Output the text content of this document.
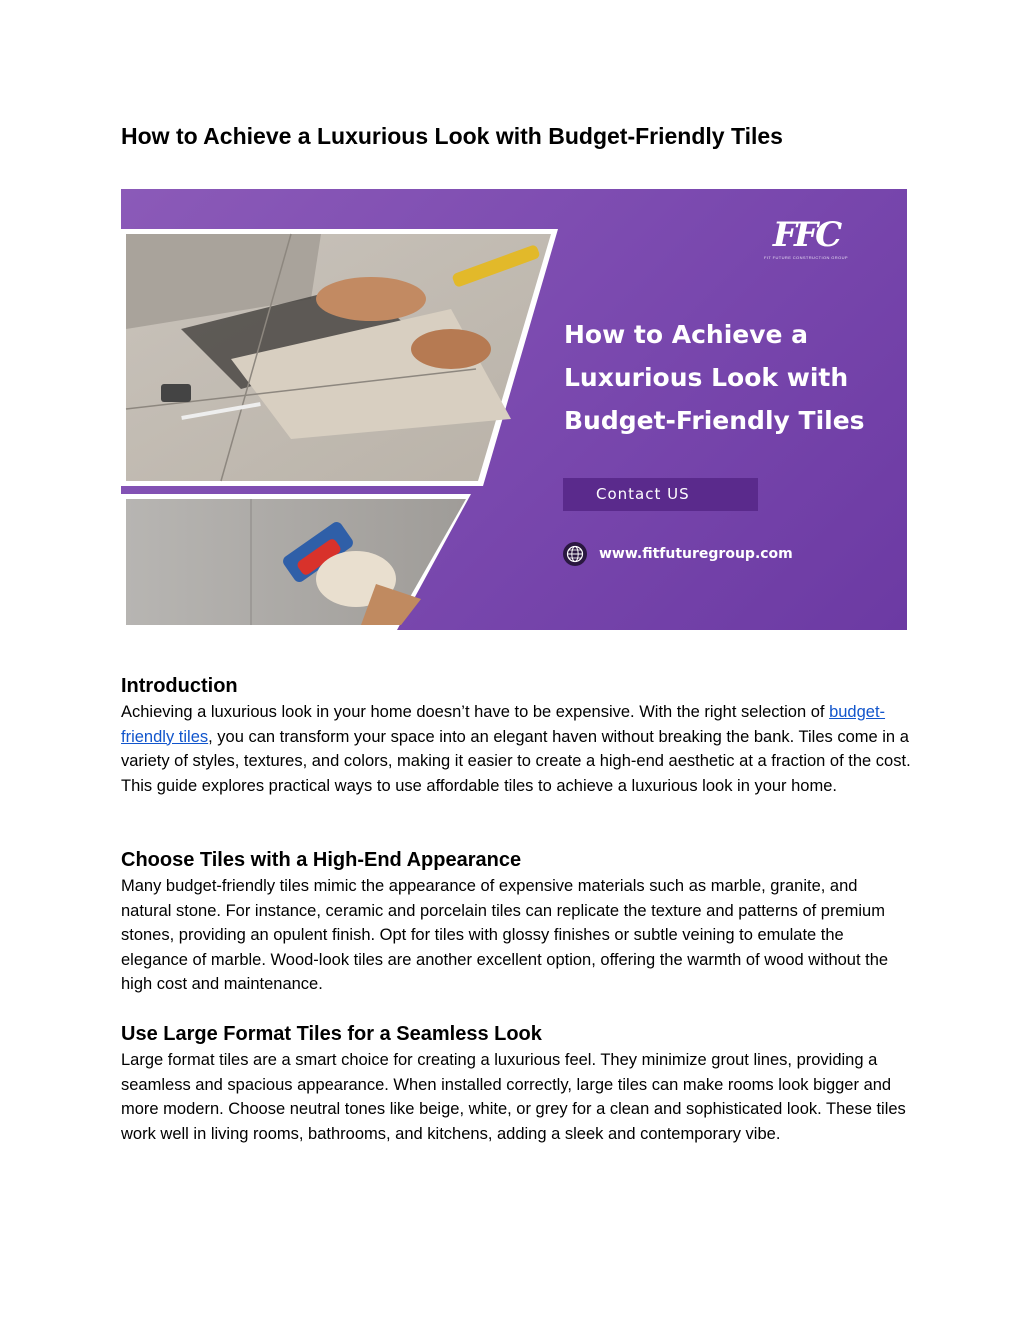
How to Achieve a Luxurious Look with Budget-Friendly Tiles
FFC
FIT FUTURE CONSTRUCTION GROUP
How to Achieve a
Luxurious Look with
Budget-Friendly Tiles
Contact US
www.fitfuturegroup.com
Introduction

Achieving a luxurious look in your home doesn’t have to be expensive. With the right selection of budget-friendly tiles, you can transform your space into an elegant haven without breaking the bank. Tiles come in a variety of styles, textures, and colors, making it easier to create a high-end aesthetic at a fraction of the cost. This guide explores practical ways to use affordable tiles to achieve a luxurious look in your home.

Choose Tiles with a High-End Appearance

Many budget-friendly tiles mimic the appearance of expensive materials such as marble, granite, and natural stone. For instance, ceramic and porcelain tiles can replicate the texture and patterns of premium stones, providing an opulent finish. Opt for tiles with glossy finishes or subtle veining to emulate the elegance of marble. Wood-look tiles are another excellent option, offering the warmth of wood without the high cost and maintenance.

Use Large Format Tiles for a Seamless Look

Large format tiles are a smart choice for creating a luxurious feel. They minimize grout lines, providing a seamless and spacious appearance. When installed correctly, large tiles can make rooms look bigger and more modern. Choose neutral tones like beige, white, or grey for a clean and sophisticated look. These tiles work well in living rooms, bathrooms, and kitchens, adding a sleek and contemporary vibe.
